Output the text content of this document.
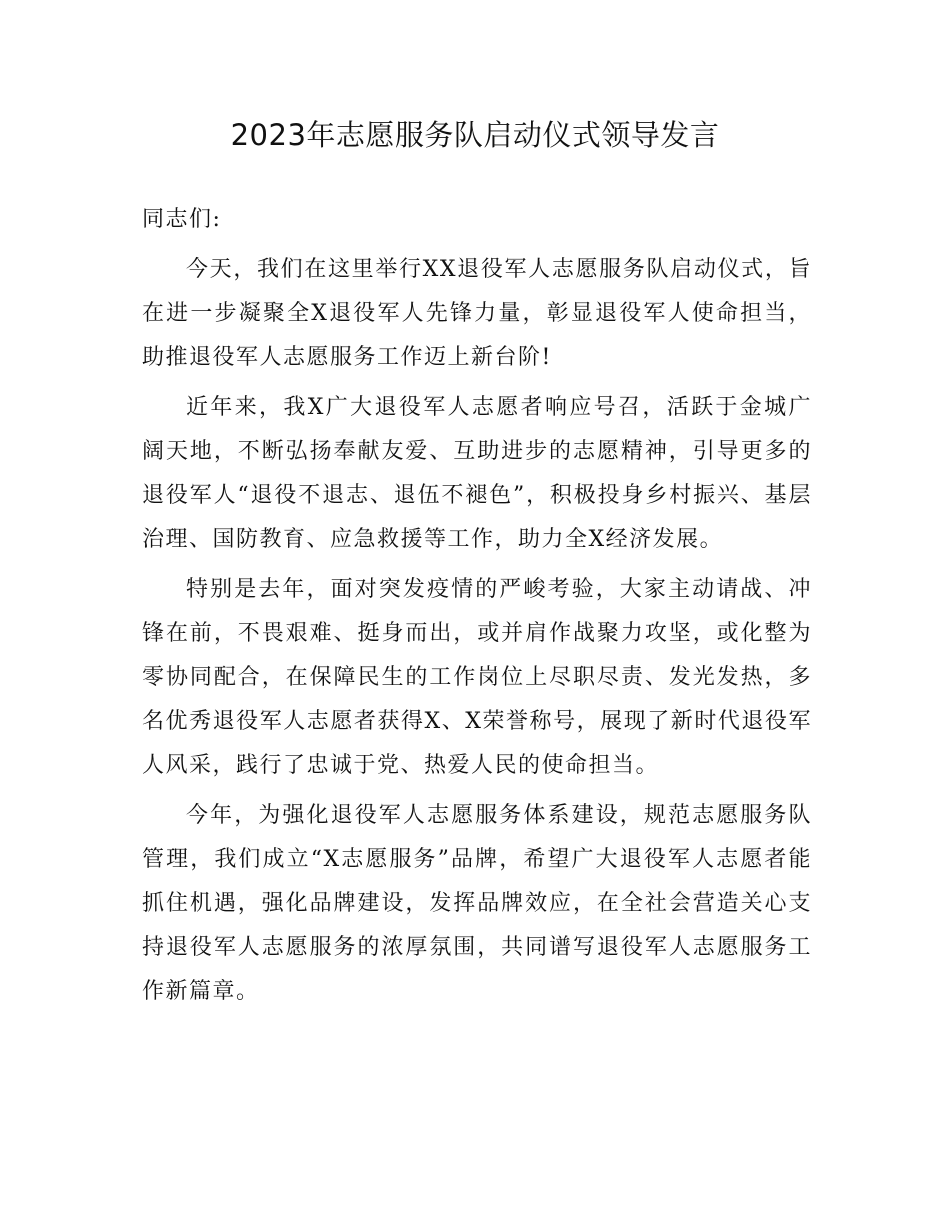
2023年志愿服务队启动仪式领导发言

同志们:

今天，我们在这里举行XX退役军人志愿服务队启动仪式，旨在进一步凝聚全X退役军人先锋力量，彰显退役军人使命担当，助推退役军人志愿服务工作迈上新台阶!

近年来，我X广大退役军人志愿者响应号召，活跃于金城广阔天地，不断弘扬奉献友爱、互助进步的志愿精神，引导更多的退役军人“退役不退志、退伍不褪色”，积极投身乡村振兴、基层治理、国防教育、应急救援等工作，助力全X经济发展。

特别是去年，面对突发疫情的严峻考验，大家主动请战、冲锋在前，不畏艰难、挺身而出，或并肩作战聚力攻坚，或化整为零协同配合，在保障民生的工作岗位上尽职尽责、发光发热，多名优秀退役军人志愿者获得X、X荣誉称号，展现了新时代退役军人风采，践行了忠诚于党、热爱人民的使命担当。

今年，为强化退役军人志愿服务体系建设，规范志愿服务队管理，我们成立“X志愿服务”品牌，希望广大退役军人志愿者能抓住机遇，强化品牌建设，发挥品牌效应，在全社会营造关心支持退役军人志愿服务的浓厚氛围，共同谱写退役军人志愿服务工作新篇章。
